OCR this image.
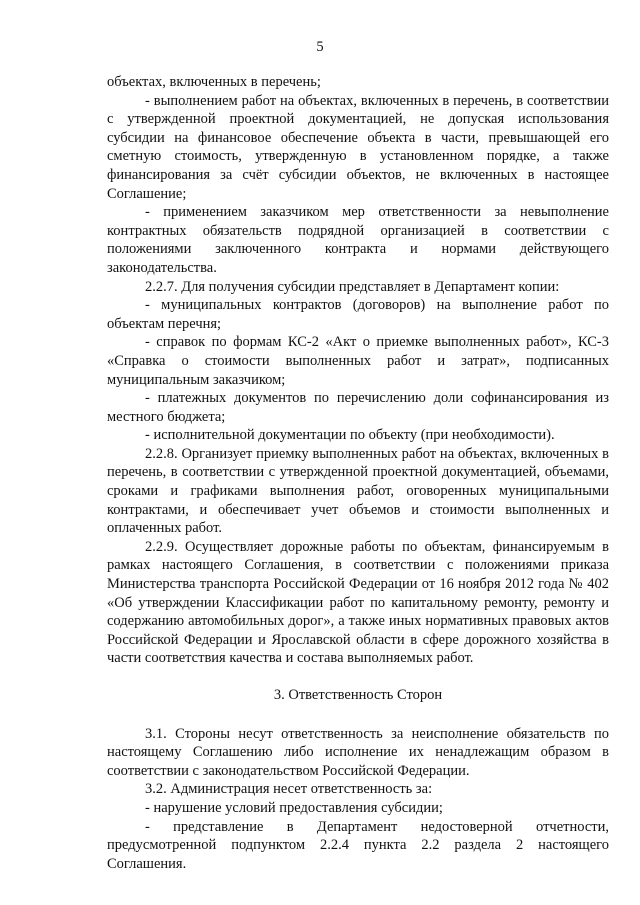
5

объектах, включенных в перечень;

- выполнением работ на объектах, включенных в перечень, в соответствии с утвержденной проектной документацией, не допуская использования субсидии на финансовое обеспечение объекта в части, превышающей его сметную стоимость, утвержденную в установленном порядке, а также финансирования за счёт субсидии объектов, не включенных в настоящее Соглашение;

- применением заказчиком мер ответственности за невыполнение контрактных обязательств подрядной организацией в соответствии с положениями заключенного контракта и нормами действующего законодательства.

2.2.7. Для получения субсидии представляет в Департамент копии:

- муниципальных контрактов (договоров) на выполнение работ по объектам перечня;

- справок по формам КС-2 «Акт о приемке выполненных работ», КС-3 «Справка о стоимости выполненных работ и затрат», подписанных муниципальным заказчиком;

- платежных документов по перечислению доли софинансирования из местного бюджета;

- исполнительной документации по объекту (при необходимости).

2.2.8. Организует приемку выполненных работ на объектах, включенных в перечень, в соответствии с утвержденной проектной документацией, объемами, сроками и графиками выполнения работ, оговоренных муниципальными контрактами, и обеспечивает учет объемов и стоимости выполненных и оплаченных работ.

2.2.9. Осуществляет дорожные работы по объектам, финансируемым в рамках настоящего Соглашения, в соответствии с положениями приказа Министерства транспорта Российской Федерации от 16 ноября 2012 года № 402 «Об утверждении Классификации работ по капитальному ремонту, ремонту и содержанию автомобильных дорог», а также иных нормативных правовых актов Российской Федерации и Ярославской области в сфере дорожного хозяйства в части соответствия качества и состава выполняемых работ.

3. Ответственность Сторон

3.1. Стороны несут ответственность за неисполнение обязательств по настоящему Соглашению либо исполнение их ненадлежащим образом в соответствии с законодательством Российской Федерации.

3.2. Администрация несет ответственность за:

- нарушение условий предоставления субсидии;

- представление в Департамент недостоверной отчетности, предусмотренной подпунктом 2.2.4 пункта 2.2 раздела 2 настоящего Соглашения.
